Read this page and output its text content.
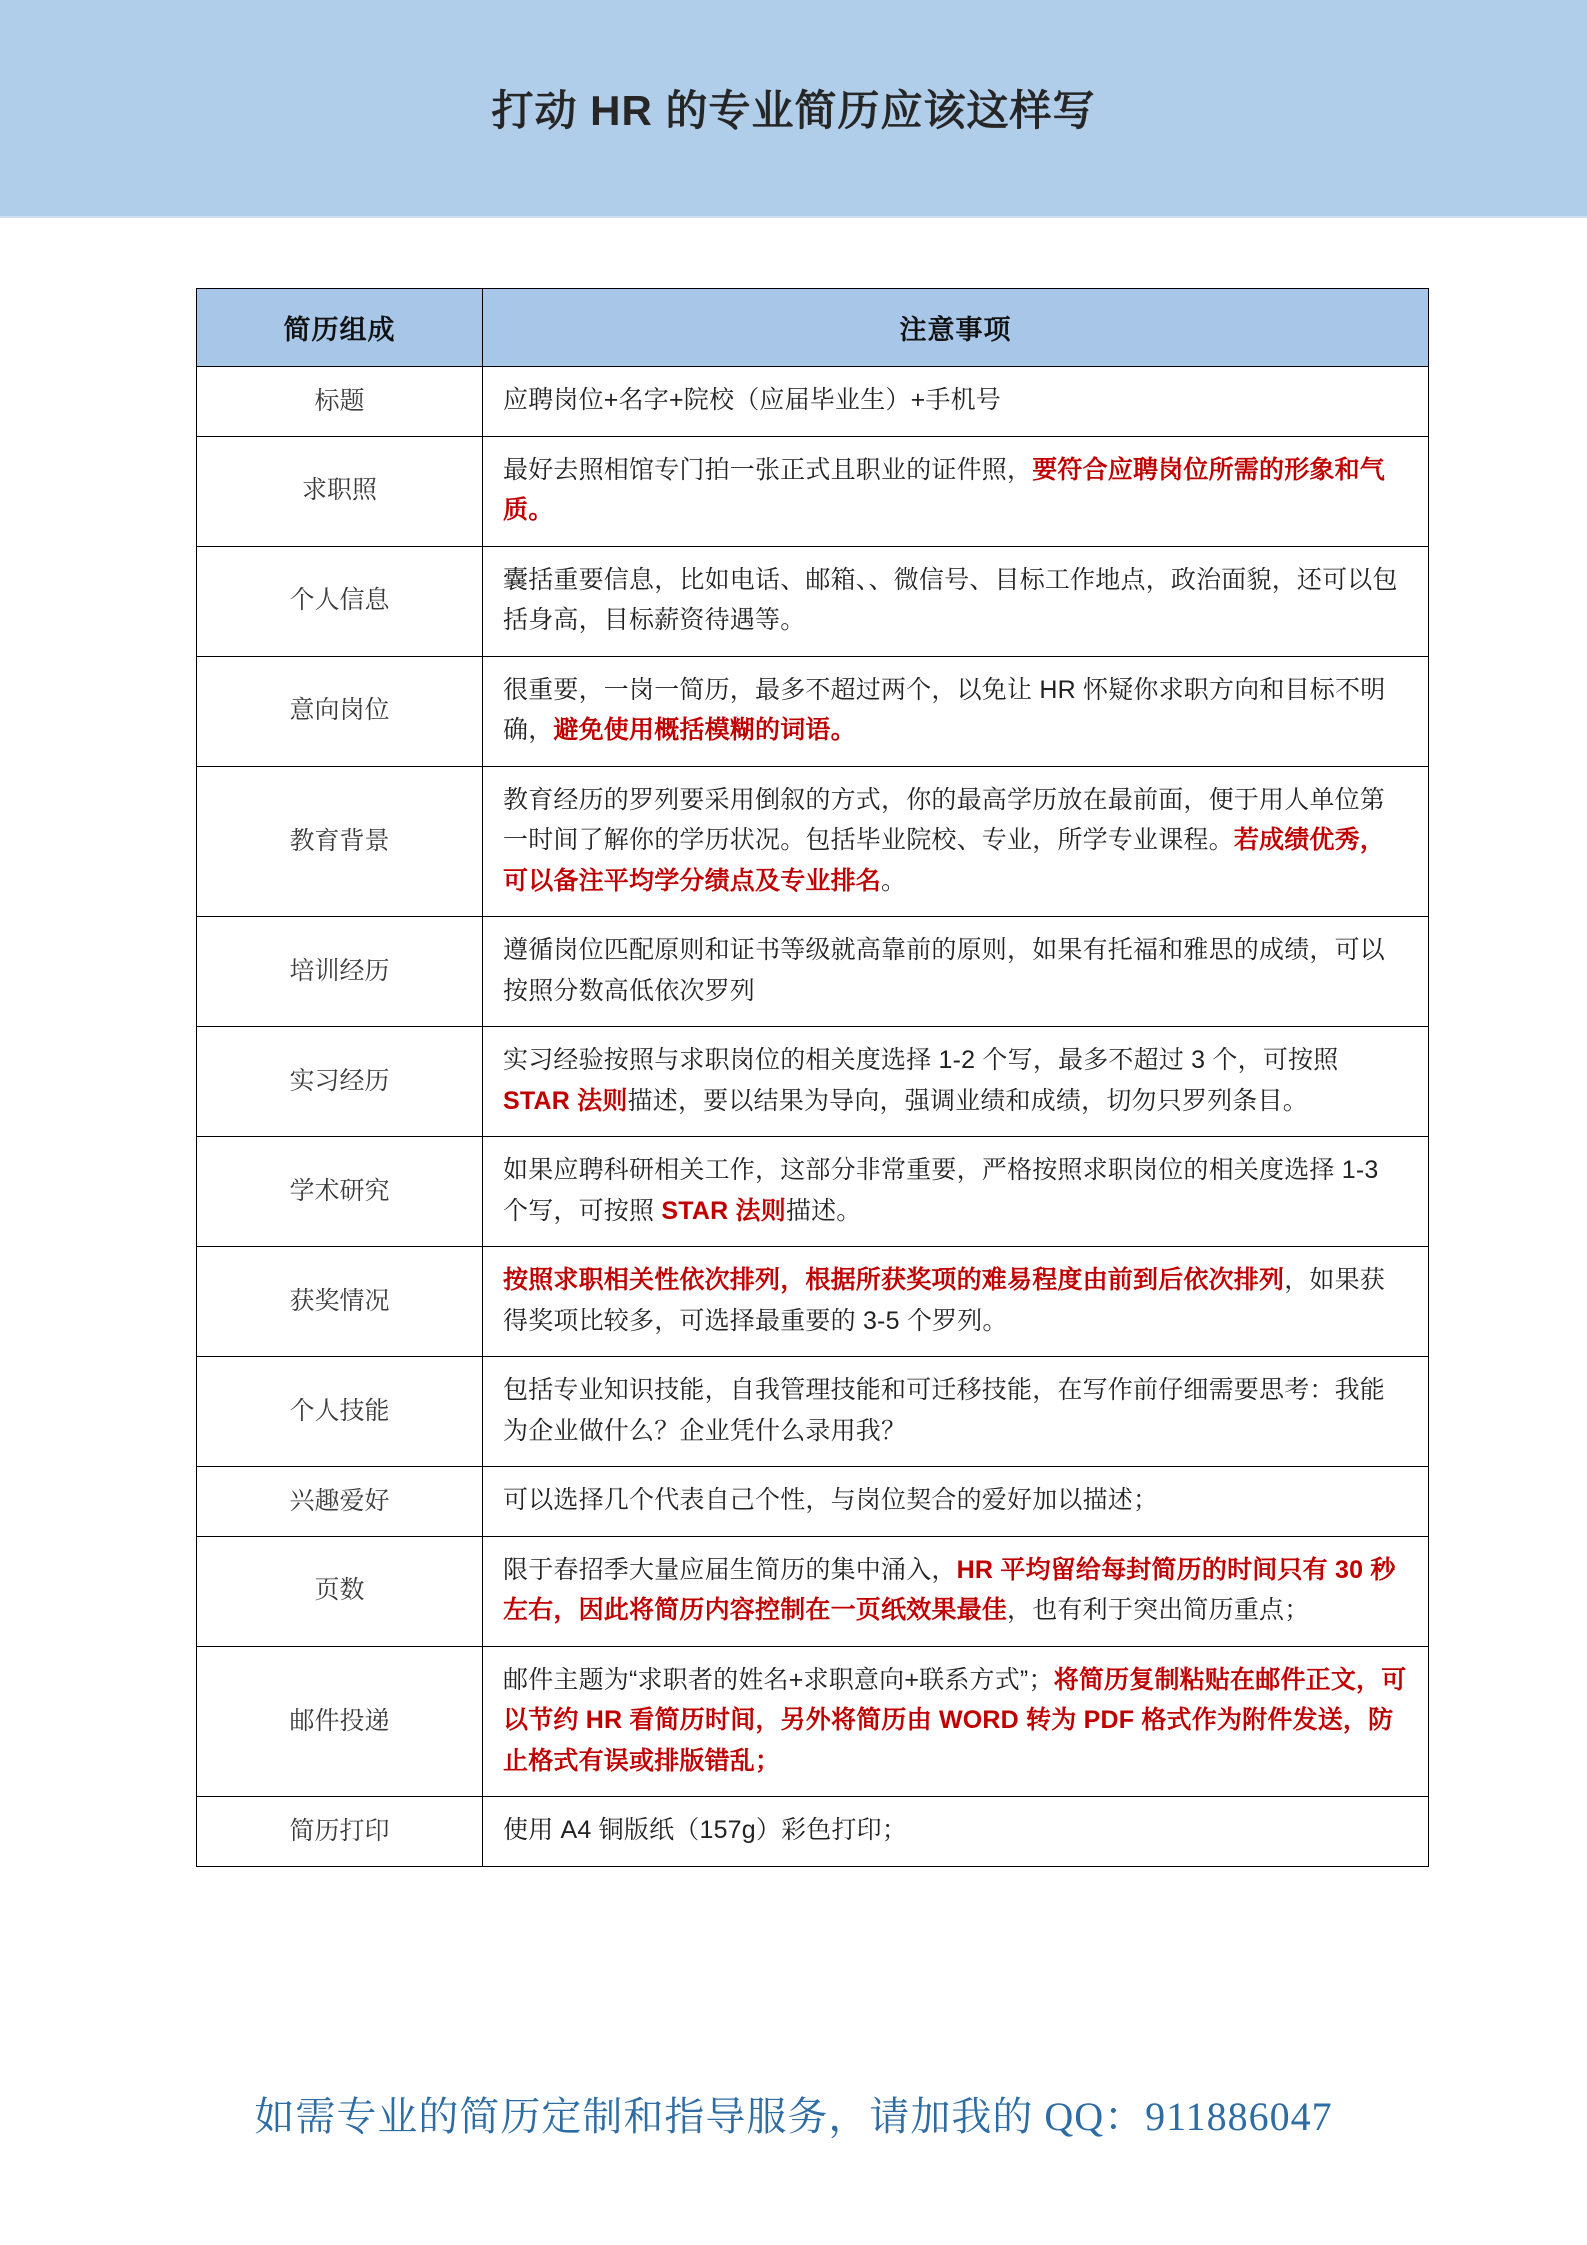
打动 HR 的专业简历应该这样写
简历组成	注意事项
标题	应聘岗位+名字+院校（应届毕业生）+手机号
求职照	最好去照相馆专门拍一张正式且职业的证件照，要符合应聘岗位所需的形象和气质。
个人信息	囊括重要信息，比如电话、邮箱、、微信号、目标工作地点，政治面貌，还可以包括身高，目标薪资待遇等。
意向岗位	很重要，一岗一简历，最多不超过两个，以免让 HR 怀疑你求职方向和目标不明确，避免使用概括模糊的词语。
教育背景	教育经历的罗列要采用倒叙的方式，你的最高学历放在最前面，便于用人单位第一时间了解你的学历状况。包括毕业院校、专业，所学专业课程。若成绩优秀，可以备注平均学分绩点及专业排名。
培训经历	遵循岗位匹配原则和证书等级就高靠前的原则，如果有托福和雅思的成绩，可以按照分数高低依次罗列
实习经历	实习经验按照与求职岗位的相关度选择 1-2 个写，最多不超过 3 个，可按照 STAR 法则描述，要以结果为导向，强调业绩和成绩，切勿只罗列条目。
学术研究	如果应聘科研相关工作，这部分非常重要，严格按照求职岗位的相关度选择 1-3 个写，可按照 STAR 法则描述。
获奖情况	按照求职相关性依次排列，根据所获奖项的难易程度由前到后依次排列，如果获得奖项比较多，可选择最重要的 3-5 个罗列。
个人技能	包括专业知识技能，自我管理技能和可迁移技能，在写作前仔细需要思考：我能为企业做什么？企业凭什么录用我？
兴趣爱好	可以选择几个代表自己个性，与岗位契合的爱好加以描述；
页数	限于春招季大量应届生简历的集中涌入，HR 平均留给每封简历的时间只有 30 秒左右，因此将简历内容控制在一页纸效果最佳，也有利于突出简历重点；
邮件投递	邮件主题为“求职者的姓名+求职意向+联系方式”；将简历复制粘贴在邮件正文，可以节约 HR 看简历时间，另外将简历由 WORD 转为 PDF 格式作为附件发送，防止格式有误或排版错乱；
简历打印	使用 A4 铜版纸（157g）彩色打印；
如需专业的简历定制和指导服务，请加我的 QQ：911886047
